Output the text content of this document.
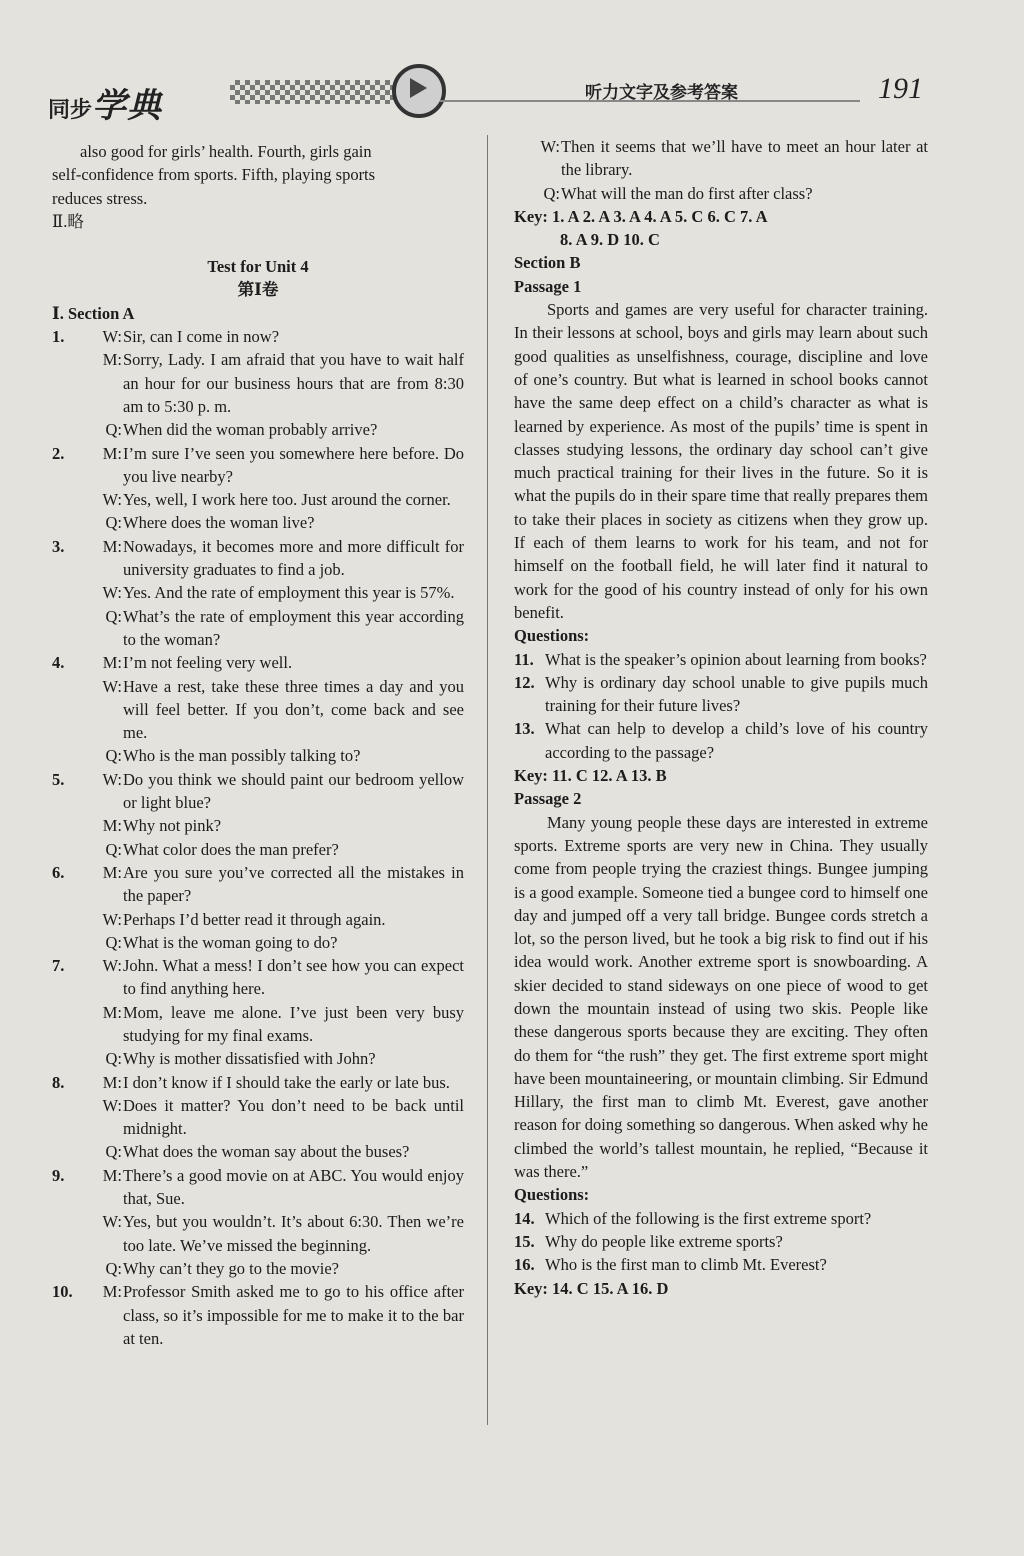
同步学典	听力文字及参考答案	191

also good for girls’ health. Fourth, girls gain

self-confidence from sports. Fifth, playing sports

reduces stress.

Ⅱ.略

Test for Unit 4

第Ⅰ卷

Ⅰ. Section A

1.	W: Sir, can I come in now?
M: Sorry, Lady. I am afraid that you have to wait half an hour for our business hours that are from 8:30 am to 5:30 p. m.
Q: When did the woman probably arrive?
2.	M: I’m sure I’ve seen you somewhere here before. Do you live nearby?
W: Yes, well, I work here too. Just around the corner.
Q: Where does the woman live?
3.	M: Nowadays, it becomes more and more difficult for university graduates to find a job.
W: Yes. And the rate of employment this year is 57%.
Q: What’s the rate of employment this year according to the woman?
4.	M: I’m not feeling very well.
W: Have a rest, take these three times a day and you will feel better. If you don’t, come back and see me.
Q: Who is the man possibly talking to?
5.	W: Do you think we should paint our bedroom yellow or light blue?
M: Why not pink?
Q: What color does the man prefer?
6.	M: Are you sure you’ve corrected all the mistakes in the paper?
W: Perhaps I’d better read it through again.
Q: What is the woman going to do?
7.	W: John. What a mess! I don’t see how you can expect to find anything here.
M: Mom, leave me alone. I’ve just been very busy studying for my final exams.
Q: Why is mother dissatisfied with John?
8.	M: I don’t know if I should take the early or late bus.
W: Does it matter? You don’t need to be back until midnight.
Q: What does the woman say about the buses?
9.	M: There’s a good movie on at ABC. You would enjoy that, Sue.
W: Yes, but you wouldn’t. It’s about 6:30. Then we’re too late. We’ve missed the beginning.
Q: Why can’t they go to the movie?
10.	M: Professor Smith asked me to go to his office after class, so it’s impossible for me to make it to the bar at ten.
W: Then it seems that we’ll have to meet an hour later at the library.
Q: What will the man do first after class?

Key: 1. A 2. A 3. A 4. A 5. C 6. C 7. A

8. A 9. D 10. C

Section B

Passage 1

Sports and games are very useful for character training. In their lessons at school, boys and girls may learn about such good qualities as unselfishness, courage, discipline and love of one’s country. But what is learned in school books cannot have the same deep effect on a child’s character as what is learned by experience. As most of the pupils’ time is spent in classes studying lessons, the ordinary day school can’t give much practical training for their lives in the future. So it is what the pupils do in their spare time that really prepares them to take their places in society as citizens when they grow up. If each of them learns to work for his team, and not for himself on the football field, he will later find it natural to work for the good of his country instead of only for his own benefit.

Questions:

11. What is the speaker’s opinion about learning from books?
12. Why is ordinary day school unable to give pupils much training for their future lives?
13. What can help to develop a child’s love of his country according to the passage?

Key: 11. C 12. A 13. B

Passage 2

Many young people these days are interested in extreme sports. Extreme sports are very new in China. They usually come from people trying the craziest things. Bungee jumping is a good example. Someone tied a bungee cord to himself one day and jumped off a very tall bridge. Bungee cords stretch a lot, so the person lived, but he took a big risk to find out if his idea would work. Another extreme sport is snowboarding. A skier decided to stand sideways on one piece of wood to get down the mountain instead of using two skis. People like these dangerous sports because they are exciting. They often do them for “the rush” they get. The first extreme sport might have been mountaineering, or mountain climbing. Sir Edmund Hillary, the first man to climb Mt. Everest, gave another reason for doing something so dangerous. When asked why he climbed the world’s tallest mountain, he replied, “Because it was there.”

Questions:

14. Which of the following is the first extreme sport?
15. Why do people like extreme sports?
16. Who is the first man to climb Mt. Everest?

Key: 14. C 15. A 16. D
